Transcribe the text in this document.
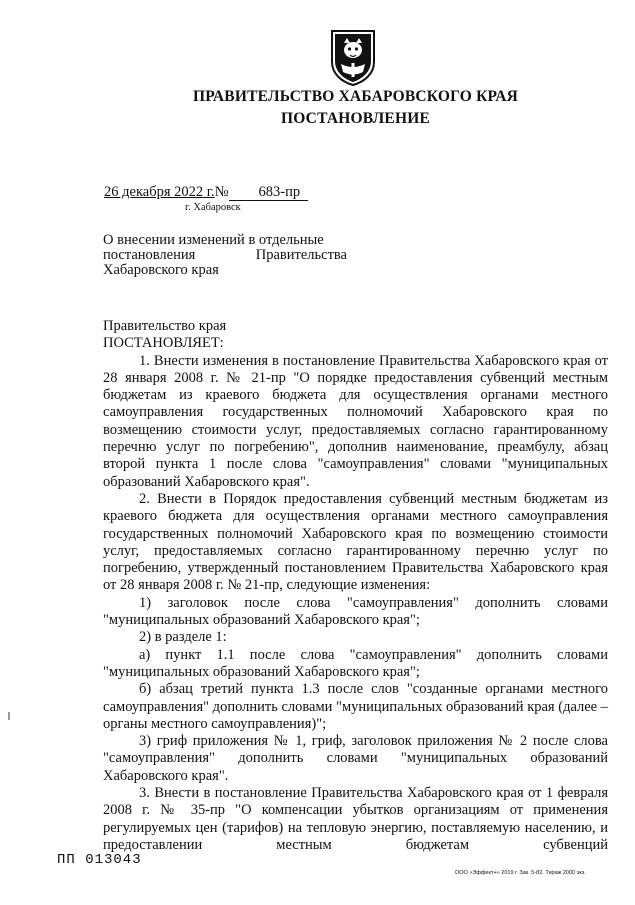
ПРАВИТЕЛЬСТВО ХАБАРОВСКОГО КРАЯ
ПОСТАНОВЛЕНИЕ
26 декабря 2022 г.№ 683-пр
г. Хабаровск
О внесении изменений в отдельные
постановления	Правительства
Хабаровского края

Правительство края

ПОСТАНОВЛЯЕТ:

1. Внести изменения в постановление Правительства Хабаровского края от 28 января 2008 г. № 21-пр "О порядке предоставления субвенций местным бюджетам из краевого бюджета для осуществления органами местного самоуправления государственных полномочий Хабаровского края по возмещению стоимости услуг, предоставляемых согласно гарантированному перечню услуг по погребению", дополнив наименование, преамбулу, абзац второй пункта 1 после слова "самоуправления" словами "муниципальных образований Хабаровского края".

2. Внести в Порядок предоставления субвенций местным бюджетам из краевого бюджета для осуществления органами местного самоуправления государственных полномочий Хабаровского края по возмещению стоимости услуг, предоставляемых согласно гарантированному перечню услуг по погребению, утвержденный постановлением Правительства Хабаровского края от 28 января 2008 г. № 21-пр, следующие изменения:

1) заголовок после слова "самоуправления" дополнить словами "муниципальных образований Хабаровского края";

2) в разделе 1:

а) пункт 1.1 после слова "самоуправления" дополнить словами "муниципальных образований Хабаровского края";

б) абзац третий пункта 1.3 после слов "созданные органами местного самоуправления" дополнить словами "муниципальных образований края (далее – органы местного самоуправления)";

3) гриф приложения № 1, гриф, заголовок приложения № 2 после слова "самоуправления" дополнить словами "муниципальных образований Хабаровского края".

3. Внести в постановление Правительства Хабаровского края от 1 февраля 2008 г. № 35-пр "О компенсации убытков организациям от применения регулируемых цен (тарифов) на тепловую энергию, поставляемую населению, и предоставлении местным бюджетам субвенций

ПП 013043
ООО «Эффект+» 2019 г. Зак. 5-82. Тираж 2000 экз.
